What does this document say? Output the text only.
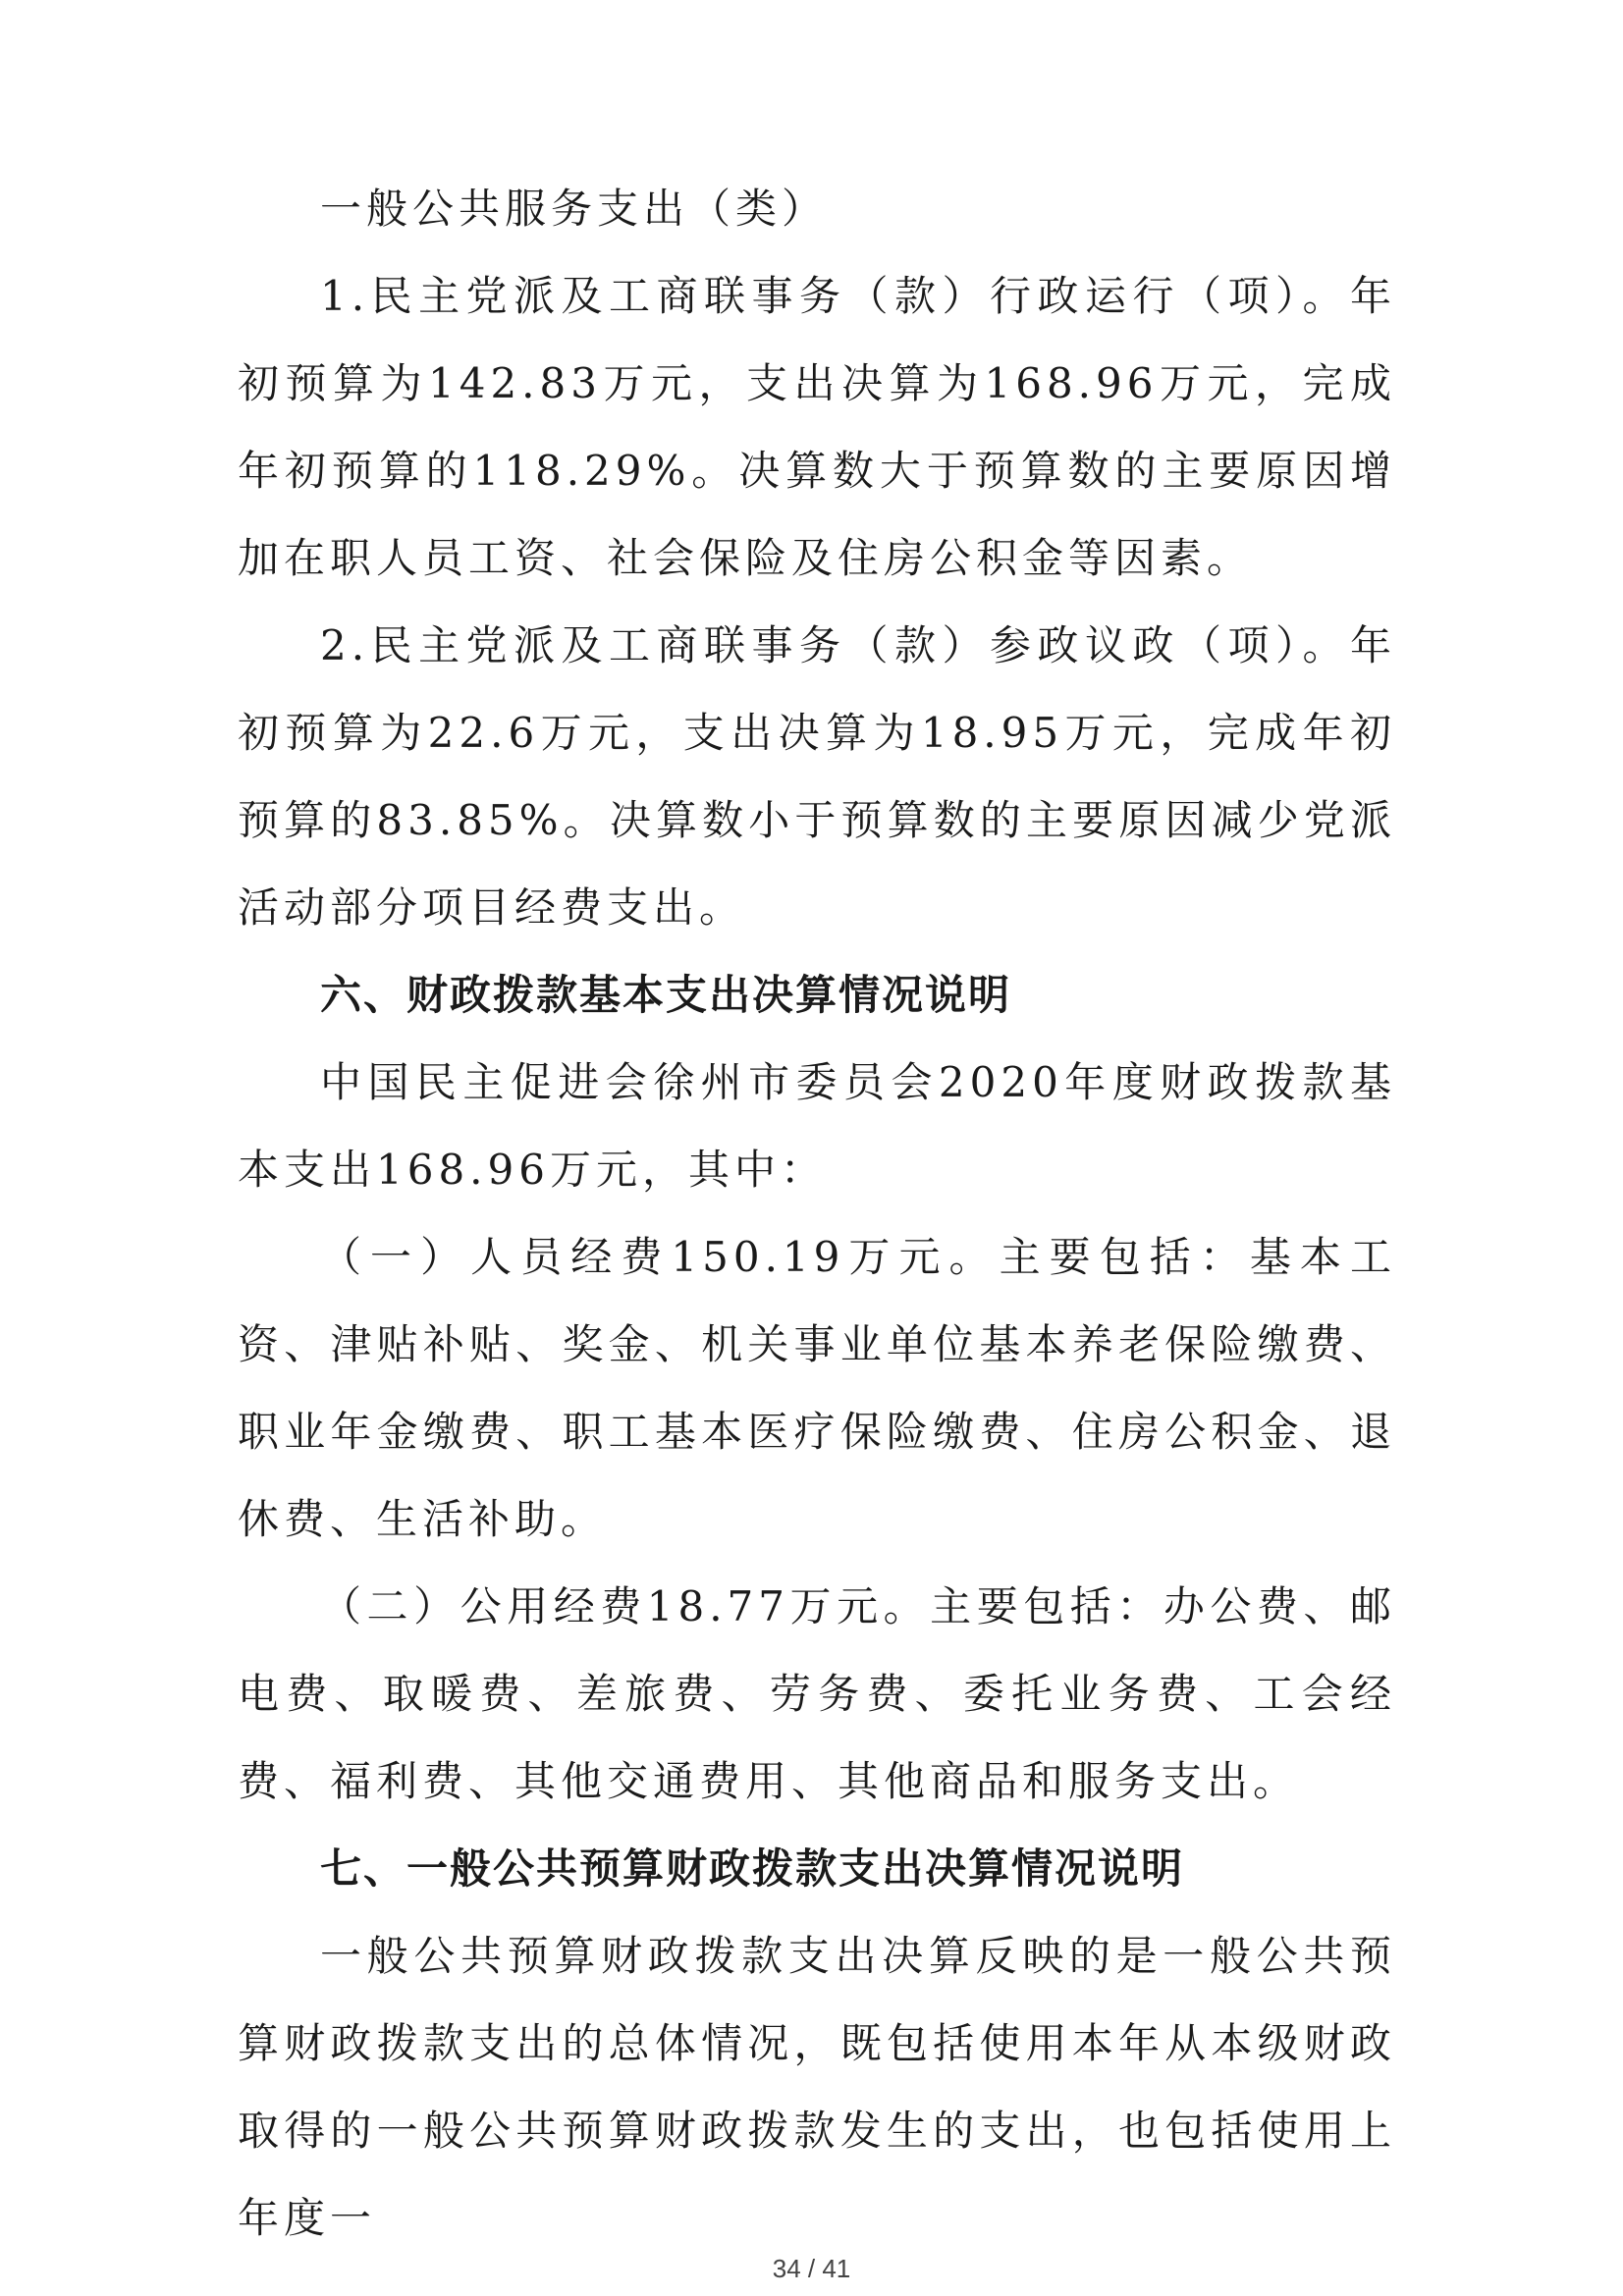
一般公共服务支出（类）

1.民主党派及工商联事务（款）行政运行（项）。年初预算为142.83万元，支出决算为168.96万元，完成年初预算的118.29%。决算数大于预算数的主要原因增加在职人员工资、社会保险及住房公积金等因素。

2.民主党派及工商联事务（款）参政议政（项）。年初预算为22.6万元，支出决算为18.95万元，完成年初预算的83.85%。决算数小于预算数的主要原因减少党派活动部分项目经费支出。

六、财政拨款基本支出决算情况说明

中国民主促进会徐州市委员会2020年度财政拨款基本支出168.96万元，其中：

（一）人员经费150.19万元。主要包括：基本工资、津贴补贴、奖金、机关事业单位基本养老保险缴费、职业年金缴费、职工基本医疗保险缴费、住房公积金、退休费、生活补助。

（二）公用经费18.77万元。主要包括：办公费、邮电费、取暖费、差旅费、劳务费、委托业务费、工会经费、福利费、其他交通费用、其他商品和服务支出。

七、一般公共预算财政拨款支出决算情况说明

一般公共预算财政拨款支出决算反映的是一般公共预算财政拨款支出的总体情况，既包括使用本年从本级财政取得的一般公共预算财政拨款发生的支出，也包括使用上年度一

34 / 41
